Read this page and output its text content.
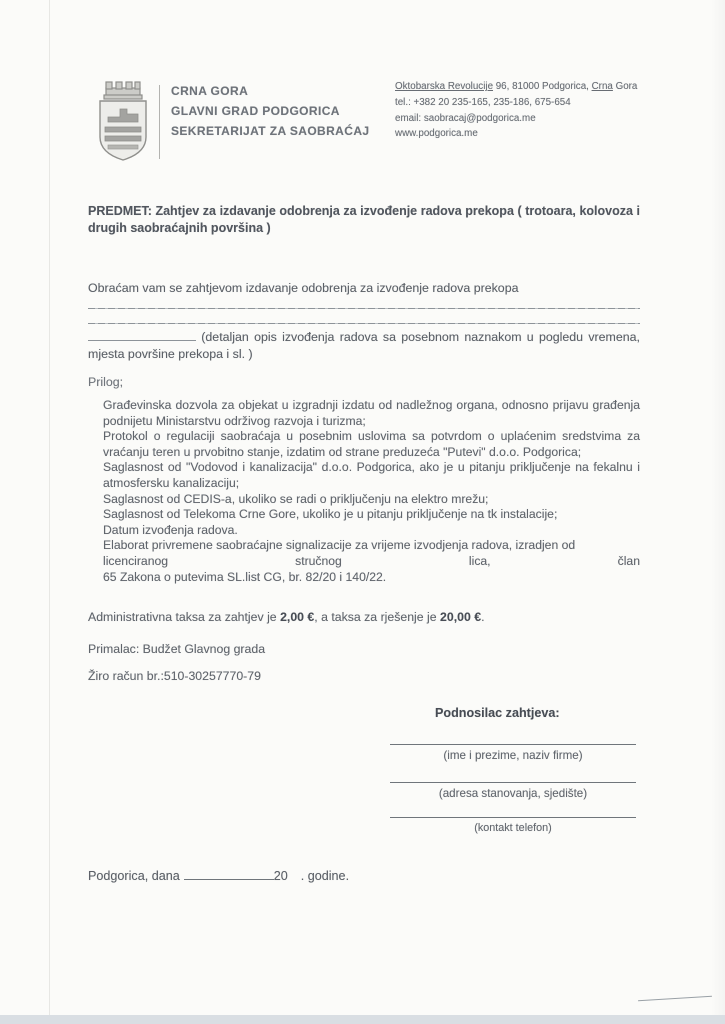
CRNA GORA
GLAVNI GRAD PODGORICA
SEKRETARIJAT ZA SAOBRAĆAJ
Oktobarska Revolucije 96, 81000 Podgorica, Crna Gora
tel.: +382 20 235-165, 235-186, 675-654
email: saobracaj@podgorica.me
www.podgorica.me
PREDMET: Zahtjev za izdavanje odobrenja za izvođenje radova prekopa ( trotoara, kolovoza i drugih saobraćajnih površina )
Obraćam vam se zahtjevom izdavanje odobrenja za izvođenje radova prekopa
(detaljan opis izvođenja radova sa posebnom naznakom u pogledu vremena, mjesta površine prekopa i sl. )
Prilog;
Građevinska dozvola za objekat u izgradnji izdatu od nadležnog organa, odnosno prijavu građenja podnijetu Ministarstvu održivog razvoja i turizma;
Protokol o regulaciji saobraćaja u posebnim uslovima sa potvrdom o uplaćenim sredstvima za vraćanju teren u prvobitno stanje, izdatim od strane preduzeća "Putevi" d.o.o. Podgorica;
Saglasnost od "Vodovod i kanalizacija" d.o.o. Podgorica, ako je u pitanju priključenje na fekalnu i atmosfersku kanalizaciju;
Saglasnost od CEDIS-a, ukoliko se radi o priključenju na elektro mrežu;
Saglasnost od Telekoma Crne Gore, ukoliko je u pitanju priključenje na tk instalacije;
Datum izvođenja radova.
Elaborat privremene saobraćajne signalizacije za vrijeme izvodjenja radova, izradjen od
licenciranog stručnog lica, član
65 Zakona o putevima SL.list CG, br. 82/20 i 140/22.
Administrativna taksa za zahtjev je 2,00 €, a taksa za rješenje je 20,00 €.
Primalac: Budžet Glavnog grada
Žiro račun br.:510-30257770-79
Podnosilac zahtjeva:
(ime i prezime, naziv firme)
(adresa stanovanja, sjedište)
(kontakt telefon)
Podgorica, dana	20 . godine.
